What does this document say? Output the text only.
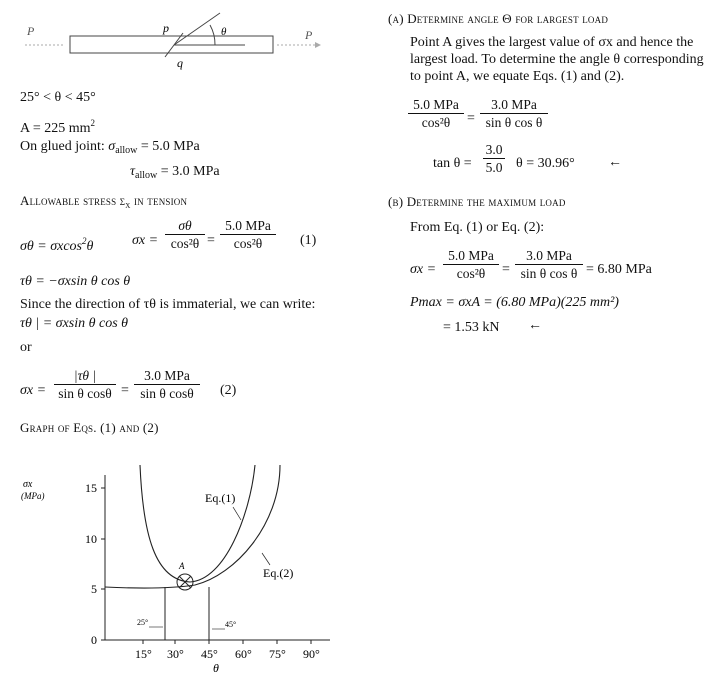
P	P
p
q
θ
25° < θ < 45°
A = 225 $mm^2$
On glued joint: $\sigma_{allow} = 5.0$ MPa
$\tau_{allow} = 3.0$ MPa
Allowable stress $\sigma_x$ in tension
σθ = σxcos$^2$θ	σx =
σθ
cos²θ =
5.0 MPa
cos²θ	(1)
τθ = −σxsin θ cos θ
Since the direction of τθ is immaterial, we can write:
τθ | = σxsin θ cos θ
or
σx =
|τθ |
sin θ cosθ =
3.0 MPa
sin θ cosθ	(2)
Graph of Eqs. (1) and (2)
15
10
5
0
σx
(MPa)
15° 30° 45° 60° 75° 90°
θ
A
25°	45°
Eq.(1)
Eq.(2)
(a) Determine angle Θ for largest load
Point A gives the largest value of σx and hence the largest load. To determine the angle θ corresponding to point A, we equate Eqs. (1) and (2).
5.0 MPa
cos²θ	=
3.0 MPa
sin θ cos θ
tan θ =
3.0
5.0 θ = 30.96° ←
(b) Determine the maximum load
From Eq. (1) or Eq. (2):
σx =
5.0 MPa
cos²θ	=
3.0 MPa
sin θ cos θ = 6.80 MPa
Pmax = σxA = (6.80 MPa)(225 mm²)
= 1.53 kN ←
